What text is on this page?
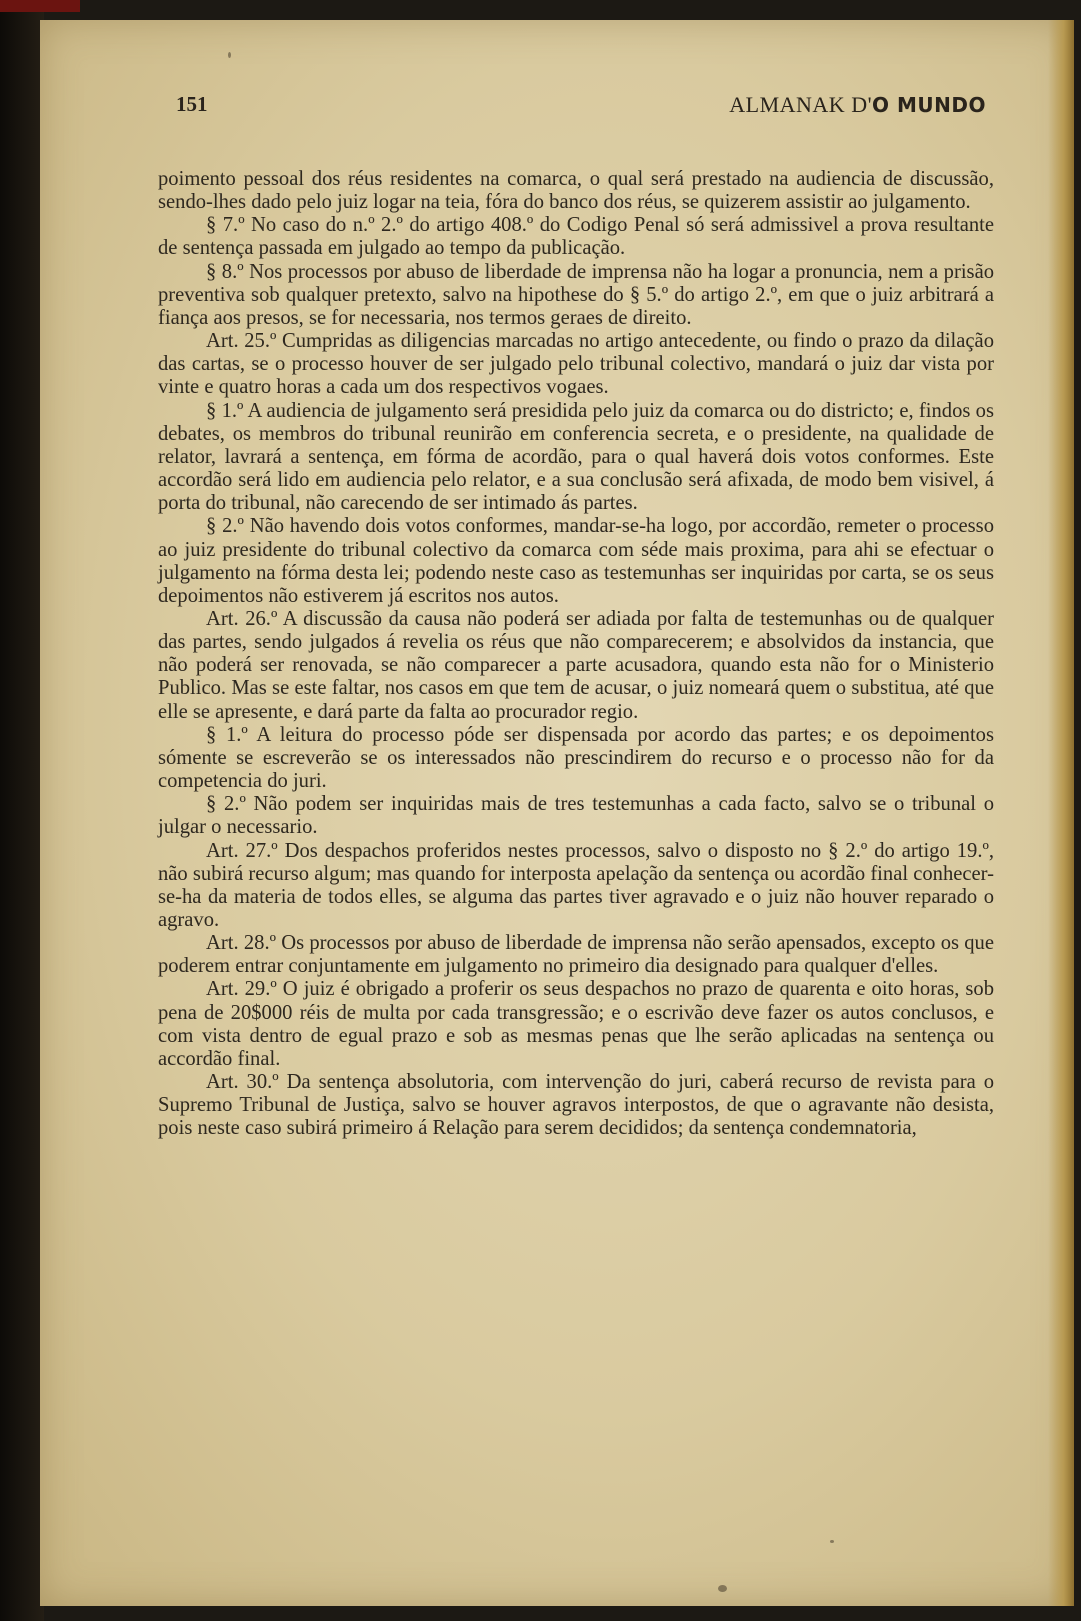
151	ALMANAK D'O MUNDO

poimento pessoal dos réus residentes na comarca, o qual será prestado na audiencia de discussão, sendo-lhes dado pelo juiz logar na teia, fóra do banco dos réus, se quizerem assistir ao julgamento.

§ 7.º No caso do n.º 2.º do artigo 408.º do Codigo Penal só será admissivel a prova resultante de sentença passada em julgado ao tempo da publicação.

§ 8.º Nos processos por abuso de liberdade de imprensa não ha logar a pronuncia, nem a prisão preventiva sob qualquer pretexto, salvo na hipothese do § 5.º do artigo 2.º, em que o juiz arbitrará a fiança aos presos, se for necessaria, nos termos geraes de direito.

Art. 25.º Cumpridas as diligencias marcadas no artigo antecedente, ou findo o prazo da dilação das cartas, se o processo houver de ser julgado pelo tribunal colectivo, mandará o juiz dar vista por vinte e quatro horas a cada um dos respectivos vogaes.

§ 1.º A audiencia de julgamento será presidida pelo juiz da comarca ou do districto; e, findos os debates, os membros do tribunal reunirão em conferencia secreta, e o presidente, na qualidade de relator, lavrará a sentença, em fórma de acordão, para o qual haverá dois votos conformes. Este accordão será lido em audiencia pelo relator, e a sua conclusão será afixada, de modo bem visivel, á porta do tribunal, não carecendo de ser intimado ás partes.

§ 2.º Não havendo dois votos conformes, mandar-se-ha logo, por accordão, remeter o processo ao juiz presidente do tribunal colectivo da comarca com séde mais proxima, para ahi se efectuar o julgamento na fórma desta lei; podendo neste caso as testemunhas ser inquiridas por carta, se os seus depoimentos não estiverem já escritos nos autos.

Art. 26.º A discussão da causa não poderá ser adiada por falta de testemunhas ou de qualquer das partes, sendo julgados á revelia os réus que não comparecerem; e absolvidos da instancia, que não poderá ser renovada, se não comparecer a parte acusadora, quando esta não for o Ministerio Publico. Mas se este faltar, nos casos em que tem de acusar, o juiz nomeará quem o substitua, até que elle se apresente, e dará parte da falta ao procurador regio.

§ 1.º A leitura do processo póde ser dispensada por acordo das partes; e os depoimentos sómente se escreverão se os interessados não prescindirem do recurso e o processo não for da competencia do juri.

§ 2.º Não podem ser inquiridas mais de tres testemunhas a cada facto, salvo se o tribunal o julgar o necessario.

Art. 27.º Dos despachos proferidos nestes processos, salvo o disposto no § 2.º do artigo 19.º, não subirá recurso algum; mas quando for interposta apelação da sentença ou acordão final conhecer-se-ha da materia de todos elles, se alguma das partes tiver agravado e o juiz não houver reparado o agravo.

Art. 28.º Os processos por abuso de liberdade de imprensa não serão apensados, excepto os que poderem entrar conjuntamente em julgamento no primeiro dia designado para qualquer d'elles.

Art. 29.º O juiz é obrigado a proferir os seus despachos no prazo de quarenta e oito horas, sob pena de 20$000 réis de multa por cada transgressão; e o escrivão deve fazer os autos conclusos, e com vista dentro de egual prazo e sob as mesmas penas que lhe serão aplicadas na sentença ou accordão final.

Art. 30.º Da sentença absolutoria, com intervenção do juri, caberá recurso de revista para o Supremo Tribunal de Justiça, salvo se houver agravos interpostos, de que o agravante não desista, pois neste caso subirá primeiro á Relação para serem decididos; da sentença condemnatoria,
